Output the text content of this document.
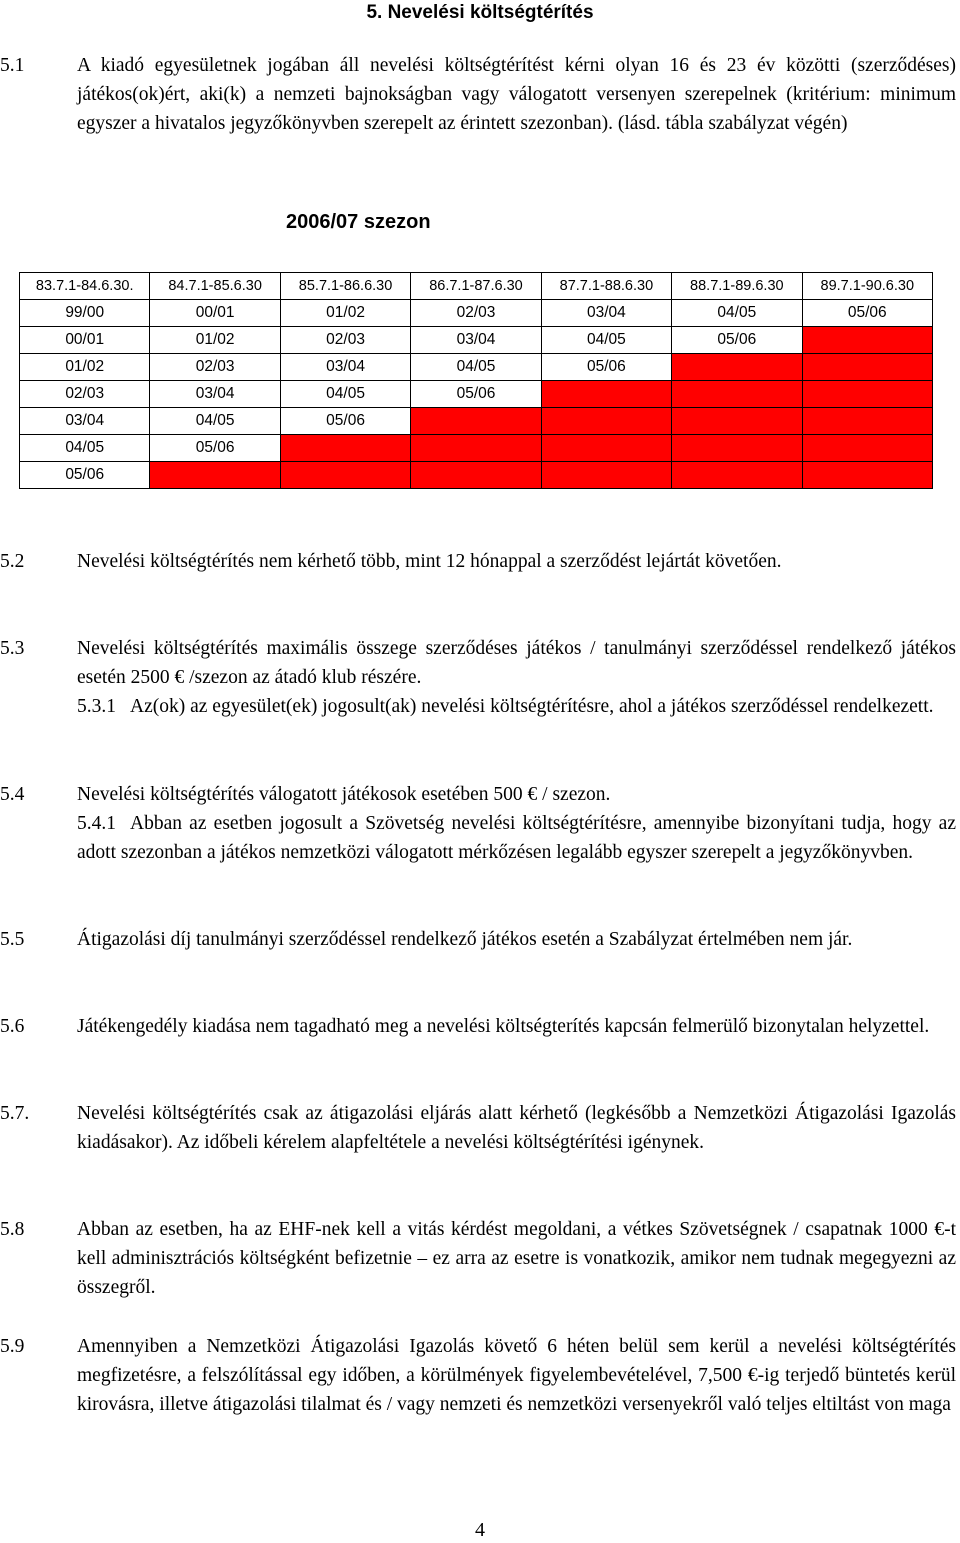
5. Nevelési költségtérítés
5.1	A kiadó egyesületnek jogában áll nevelési költségtérítést kérni olyan 16 és 23 év közötti (szerződéses) játékos(ok)ért, aki(k) a nemzeti bajnokságban vagy válogatott versenyen szerepelnek (kritérium: minimum egyszer a hivatalos jegyzőkönyvben szerepelt az érintett szezonban). (lásd. tábla szabályzat végén)
2006/07 szezon
83.7.1-84.6.30.	84.7.1-85.6.30	85.7.1-86.6.30	86.7.1-87.6.30	87.7.1-88.6.30	88.7.1-89.6.30	89.7.1-90.6.30
99/00	00/01	01/02	02/03	03/04	04/05	05/06
00/01	01/02	02/03	03/04	04/05	05/06	
01/02	02/03	03/04	04/05	05/06		
02/03	03/04	04/05	05/06			
03/04	04/05	05/06				
04/05	05/06					
05/06						
5.2	Nevelési költségtérítés nem kérhető több, mint 12 hónappal a szerződést lejártát követően.
5.3	Nevelési költségtérítés maximális összege szerződéses játékos / tanulmányi szerződéssel rendelkező játékos esetén 2500 € /szezon az átadó klub részére.
5.3.1 Az(ok) az egyesület(ek) jogosult(ak) nevelési költségtérítésre, ahol a játékos szerződéssel rendelkezett.
5.4	Nevelési költségtérítés válogatott játékosok esetében 500 € / szezon.
5.4.1 Abban az esetben jogosult a Szövetség nevelési költségtérítésre, amennyibe bizonyítani tudja, hogy az adott szezonban a játékos nemzetközi válogatott mérkőzésen legalább egyszer szerepelt a jegyzőkönyvben.
5.5	Átigazolási díj tanulmányi szerződéssel rendelkező játékos esetén a Szabályzat értelmében nem jár.
5.6	Játékengedély kiadása nem tagadható meg a nevelési költségterítés kapcsán felmerülő bizonytalan helyzettel.
5.7. Nevelési költségtérítés csak az átigazolási eljárás alatt kérhető (legkésőbb a Nemzetközi Átigazolási Igazolás kiadásakor). Az időbeli kérelem alapfeltétele a nevelési költségtérítési igénynek.
5.8	Abban az esetben, ha az EHF-nek kell a vitás kérdést megoldani, a vétkes Szövetségnek / csapatnak 1000 €-t kell adminisztrációs költségként befizetnie – ez arra az esetre is vonatkozik, amikor nem tudnak megegyezni az összegről.
5.9	Amennyiben a Nemzetközi Átigazolási Igazolás követő 6 héten belül sem kerül a nevelési költségtérítés megfizetésre, a felszólítással egy időben, a körülmények figyelembevételével, 7,500 €-ig terjedő büntetés kerül kirovásra, illetve átigazolási tilalmat és / vagy nemzeti és nemzetközi versenyekről való teljes eltiltást von maga
4
